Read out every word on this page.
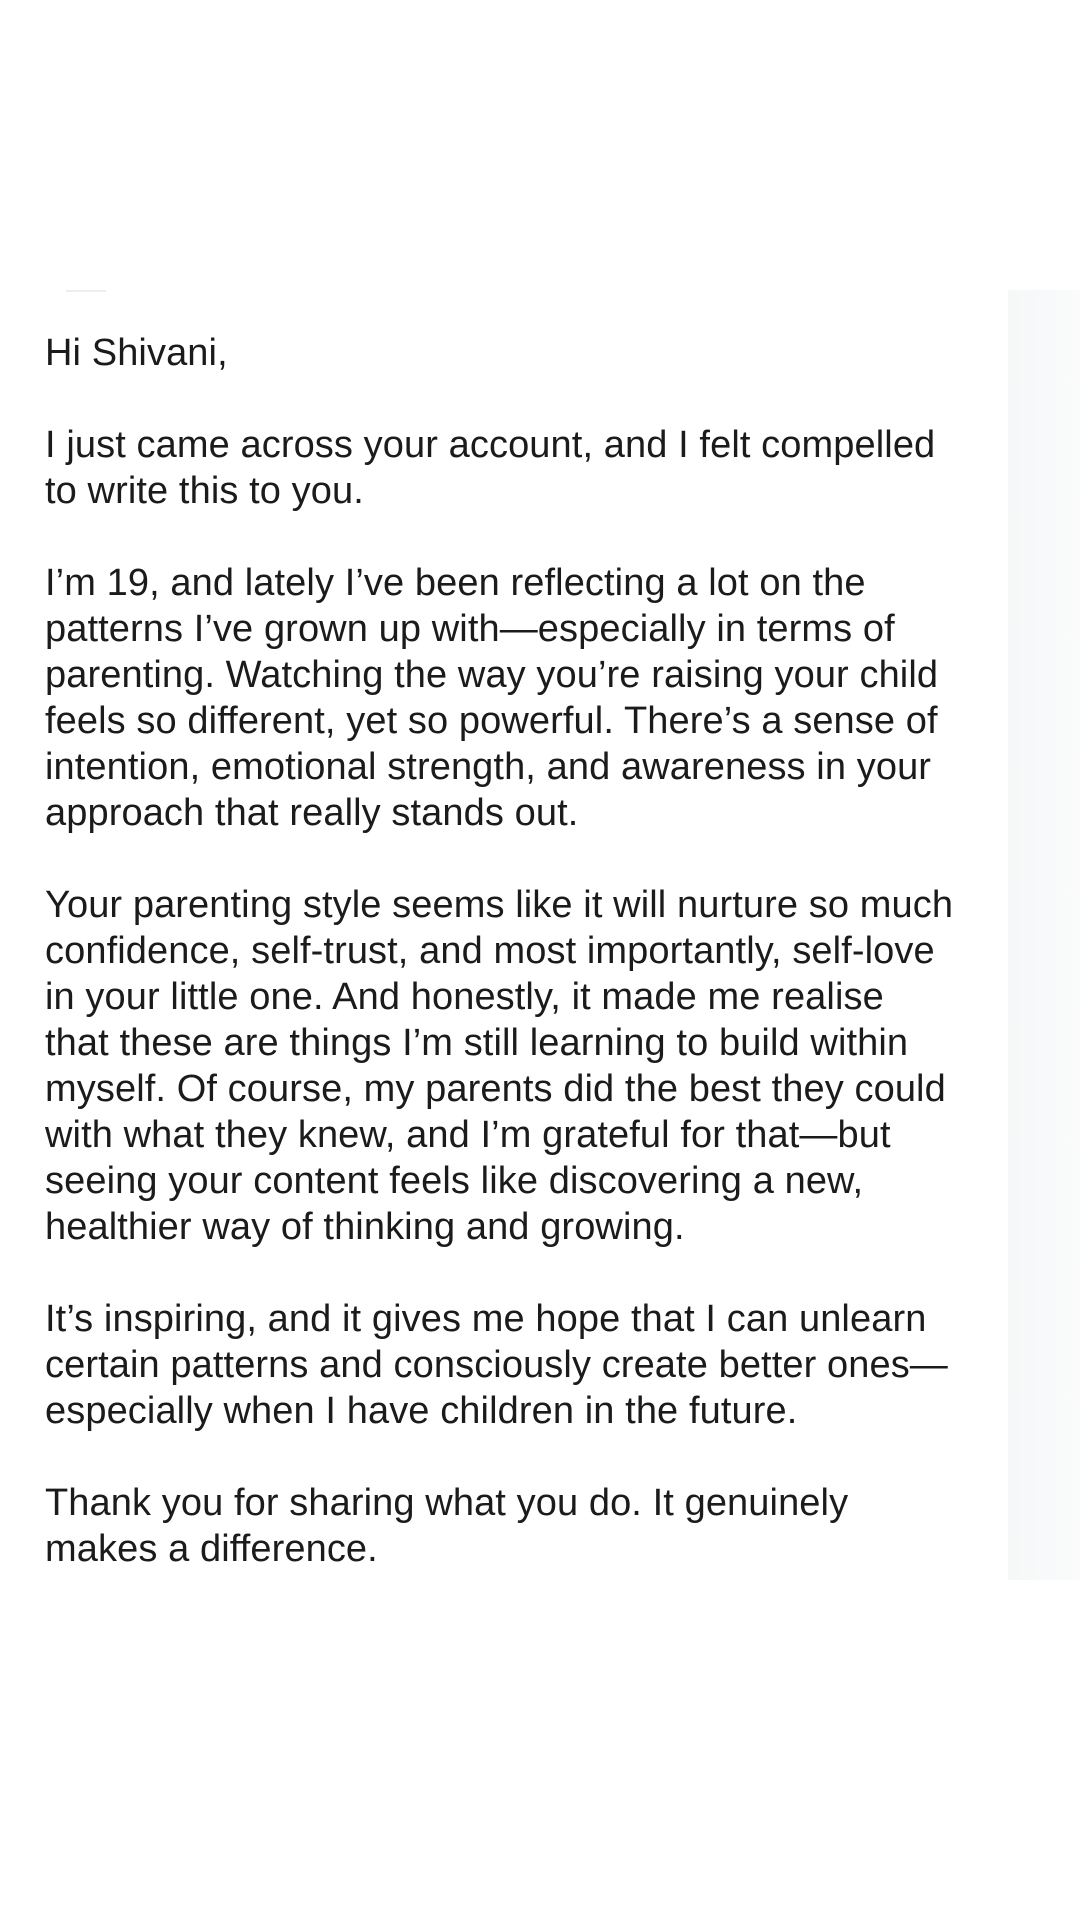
Hi Shivani,

I just came across your account, and I felt compelled
to write this to you.

I’m 19, and lately I’ve been reflecting a lot on the
patterns I’ve grown up with—especially in terms of
parenting. Watching the way you’re raising your child
feels so different, yet so powerful. There’s a sense of
intention, emotional strength, and awareness in your
approach that really stands out.

Your parenting style seems like it will nurture so much
confidence, self-trust, and most importantly, self-love
in your little one. And honestly, it made me realise
that these are things I’m still learning to build within
myself. Of course, my parents did the best they could
with what they knew, and I’m grateful for that—but
seeing your content feels like discovering a new,
healthier way of thinking and growing.

It’s inspiring, and it gives me hope that I can unlearn
certain patterns and consciously create better ones—
especially when I have children in the future.

Thank you for sharing what you do. It genuinely
makes a difference.
